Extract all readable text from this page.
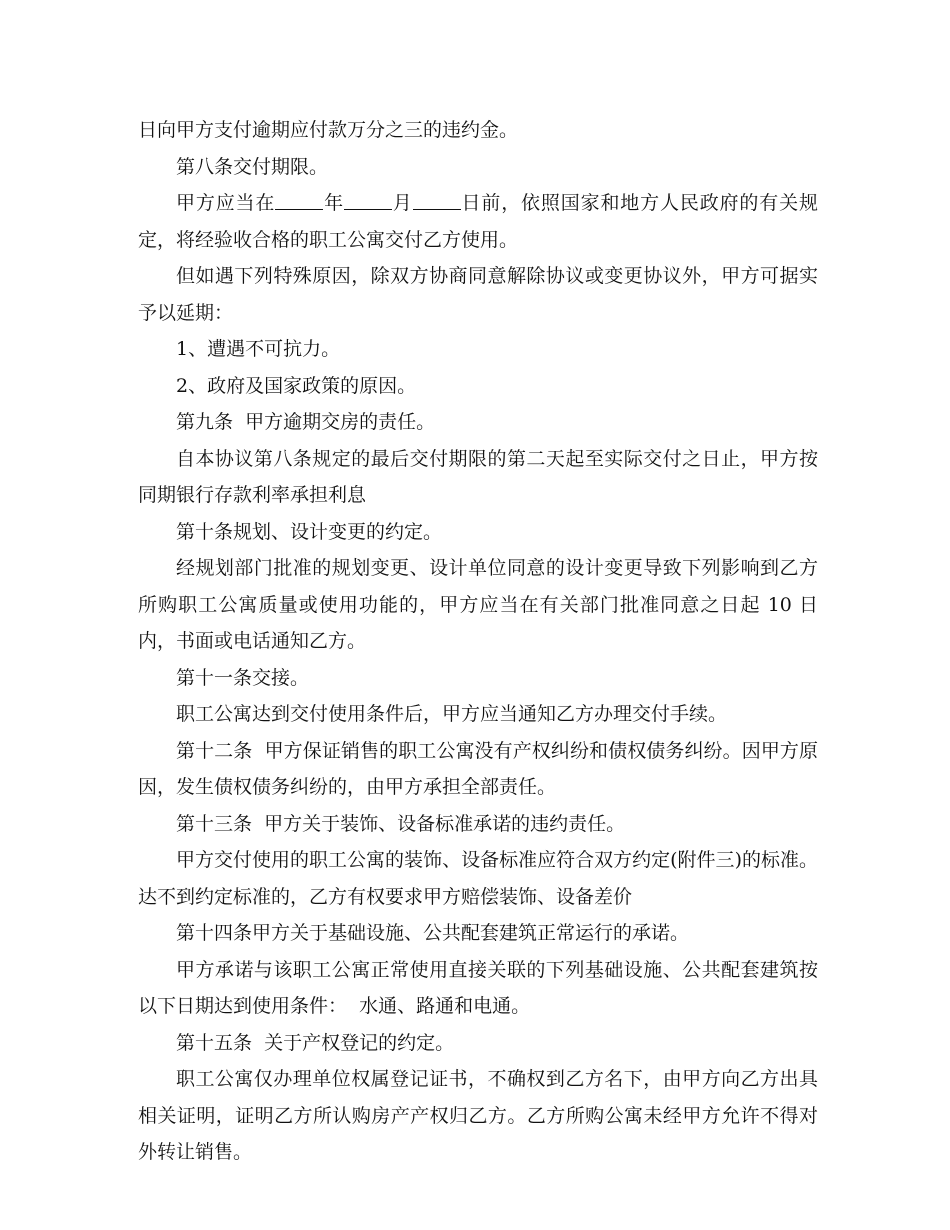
日向甲方支付逾期应付款万分之三的违约金。

第八条交付期限。

甲方应当在	年	月	日前，依照国家和地方人民政府的有关规定，将经验收合格的职工公寓交付乙方使用。

但如遇下列特殊原因，除双方协商同意解除协议或变更协议外，甲方可据实予以延期：

1、遭遇不可抗力。

2、政府及国家政策的原因。

第九条  甲方逾期交房的责任。

自本协议第八条规定的最后交付期限的第二天起至实际交付之日止，甲方按同期银行存款利率承担利息

第十条规划、设计变更的约定。

经规划部门批准的规划变更、设计单位同意的设计变更导致下列影响到乙方所购职工公寓质量或使用功能的，甲方应当在有关部门批准同意之日起 10 日内，书面或电话通知乙方。

第十一条交接。

职工公寓达到交付使用条件后，甲方应当通知乙方办理交付手续。

第十二条  甲方保证销售的职工公寓没有产权纠纷和债权债务纠纷。因甲方原因，发生债权债务纠纷的，由甲方承担全部责任。

第十三条  甲方关于装饰、设备标准承诺的违约责任。

甲方交付使用的职工公寓的装饰、设备标准应符合双方约定(附件三)的标准。达不到约定标准的，乙方有权要求甲方赔偿装饰、设备差价

第十四条甲方关于基础设施、公共配套建筑正常运行的承诺。

甲方承诺与该职工公寓正常使用直接关联的下列基础设施、公共配套建筑按以下日期达到使用条件：  水通、路通和电通。

第十五条  关于产权登记的约定。

职工公寓仅办理单位权属登记证书，不确权到乙方名下，由甲方向乙方出具相关证明，证明乙方所认购房产产权归乙方。乙方所购公寓未经甲方允许不得对外转让销售。
